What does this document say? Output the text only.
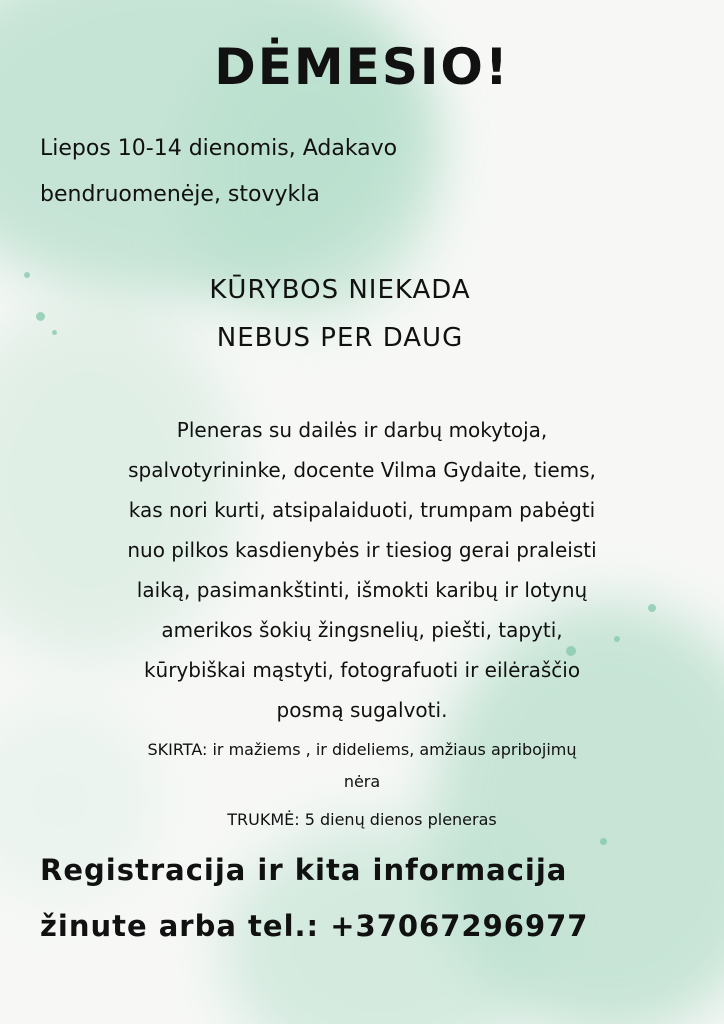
DĖMESIO!
Liepos 10-14 dienomis, Adakavo
bendruomenėje, stovykla
KŪRYBOS NIEKADA
NEBUS PER DAUG
Pleneras su dailės ir darbų mokytoja,
spalvotyrininke, docente Vilma Gydaite, tiems,
kas nori kurti, atsipalaiduoti, trumpam pabėgti
nuo pilkos kasdienybės ir tiesiog gerai praleisti
laiką, pasimankštinti, išmokti karibų ir lotynų
amerikos šokių žingsnelių, piešti, tapyti,
kūrybiškai mąstyti, fotografuoti ir eilėraščio
posmą sugalvoti.
SKIRTA: ir mažiems , ir dideliems, amžiaus apribojimų
nėra
TRUKMĖ: 5 dienų dienos pleneras
Registracija ir kita informacija
žinute arba tel.: +37067296977
